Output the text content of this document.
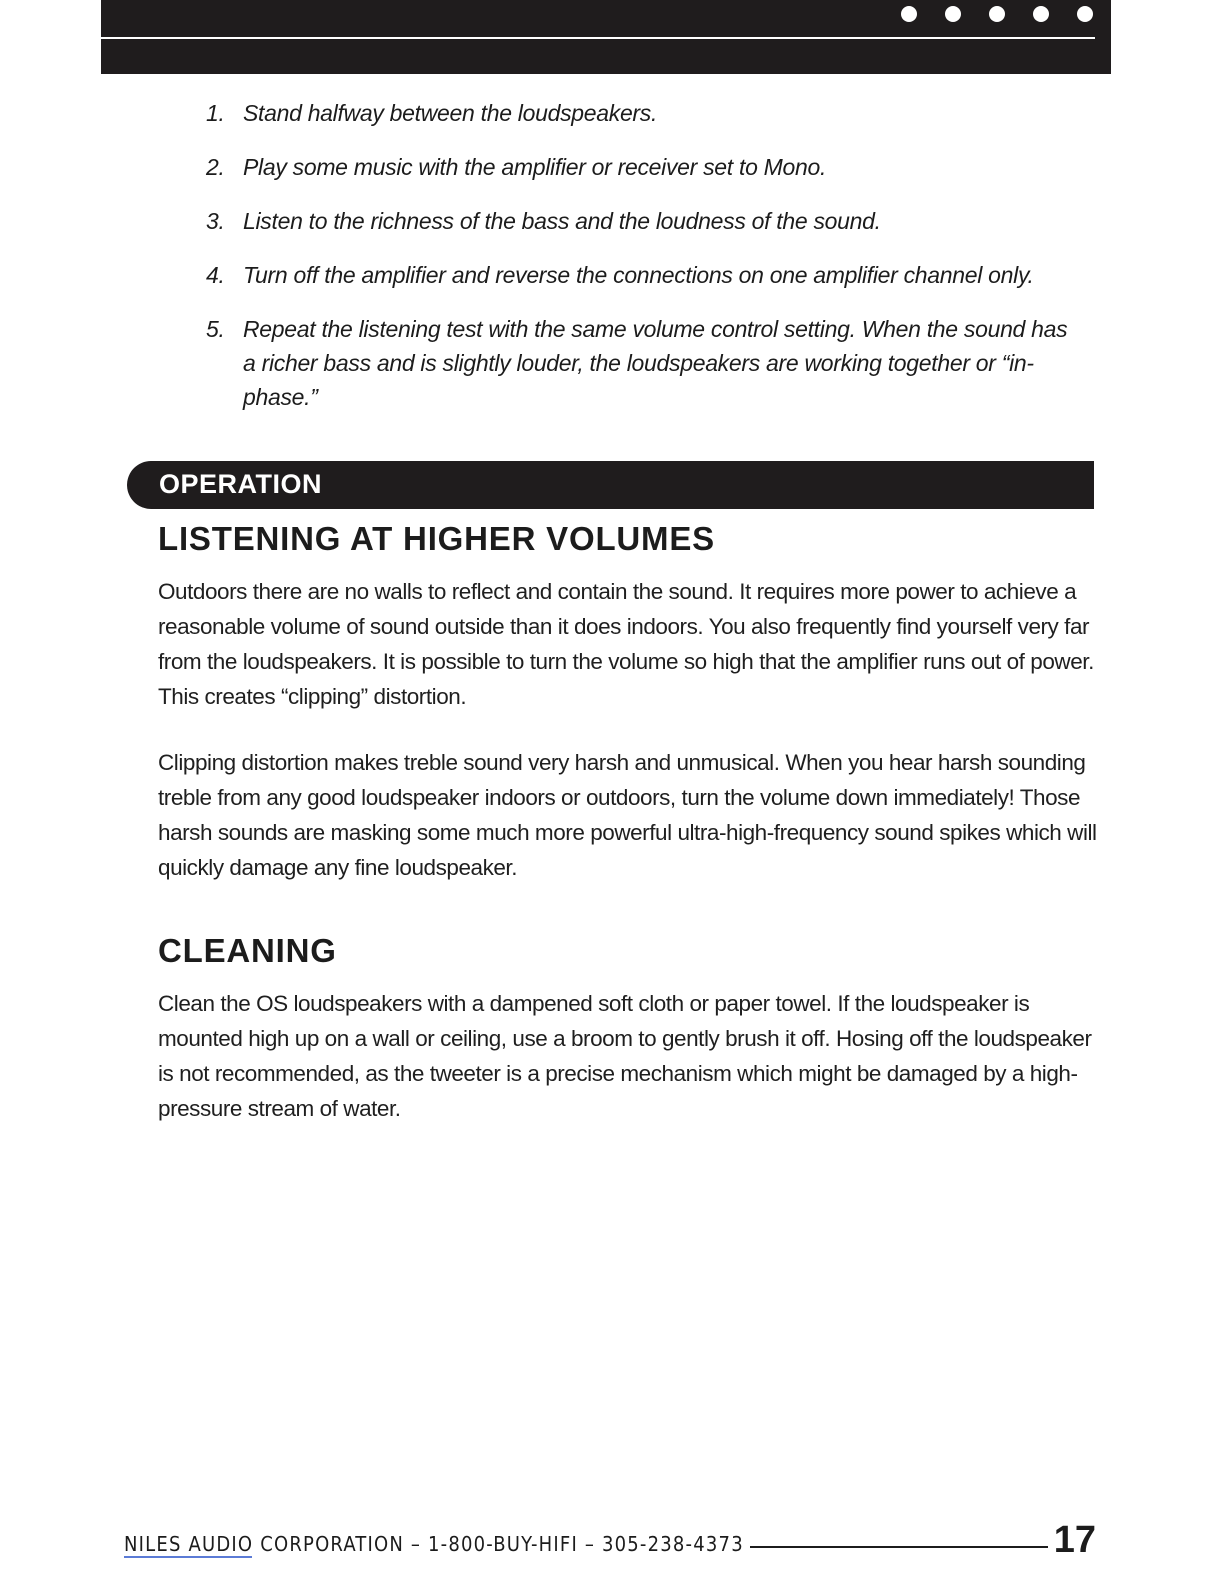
1. Stand halfway between the loudspeakers.
2. Play some music with the amplifier or receiver set to Mono.
3. Listen to the richness of the bass and the loudness of the sound.
4. Turn off the amplifier and reverse the connections on one amplifier channel only.
5. Repeat the listening test with the same volume control setting. When the sound has a richer bass and is slightly louder, the loudspeakers are working together or “in-phase.”
OPERATION
LISTENING AT HIGHER VOLUMES

Outdoors there are no walls to reflect and contain the sound. It requires more power to achieve a reasonable volume of sound outside than it does indoors. You also frequently find yourself very far from the loudspeakers. It is possible to turn the volume so high that the amplifier runs out of power. This creates “clipping” distortion.

Clipping distortion makes treble sound very harsh and unmusical. When you hear harsh sounding treble from any good loudspeaker indoors or outdoors, turn the volume down immediately! Those harsh sounds are masking some much more powerful ultra-high-frequency sound spikes which will quickly damage any fine loudspeaker.

CLEANING

Clean the OS loudspeakers with a dampened soft cloth or paper towel. If the loudspeaker is mounted high up on a wall or ceiling, use a broom to gently brush it off. Hosing off the loudspeaker is not recommended, as the tweeter is a precise mechanism which might be damaged by a high-pressure stream of water.

NILES AUDIO CORPORATION – 1-800-BUY-HIFI – 305-238-4373	17
